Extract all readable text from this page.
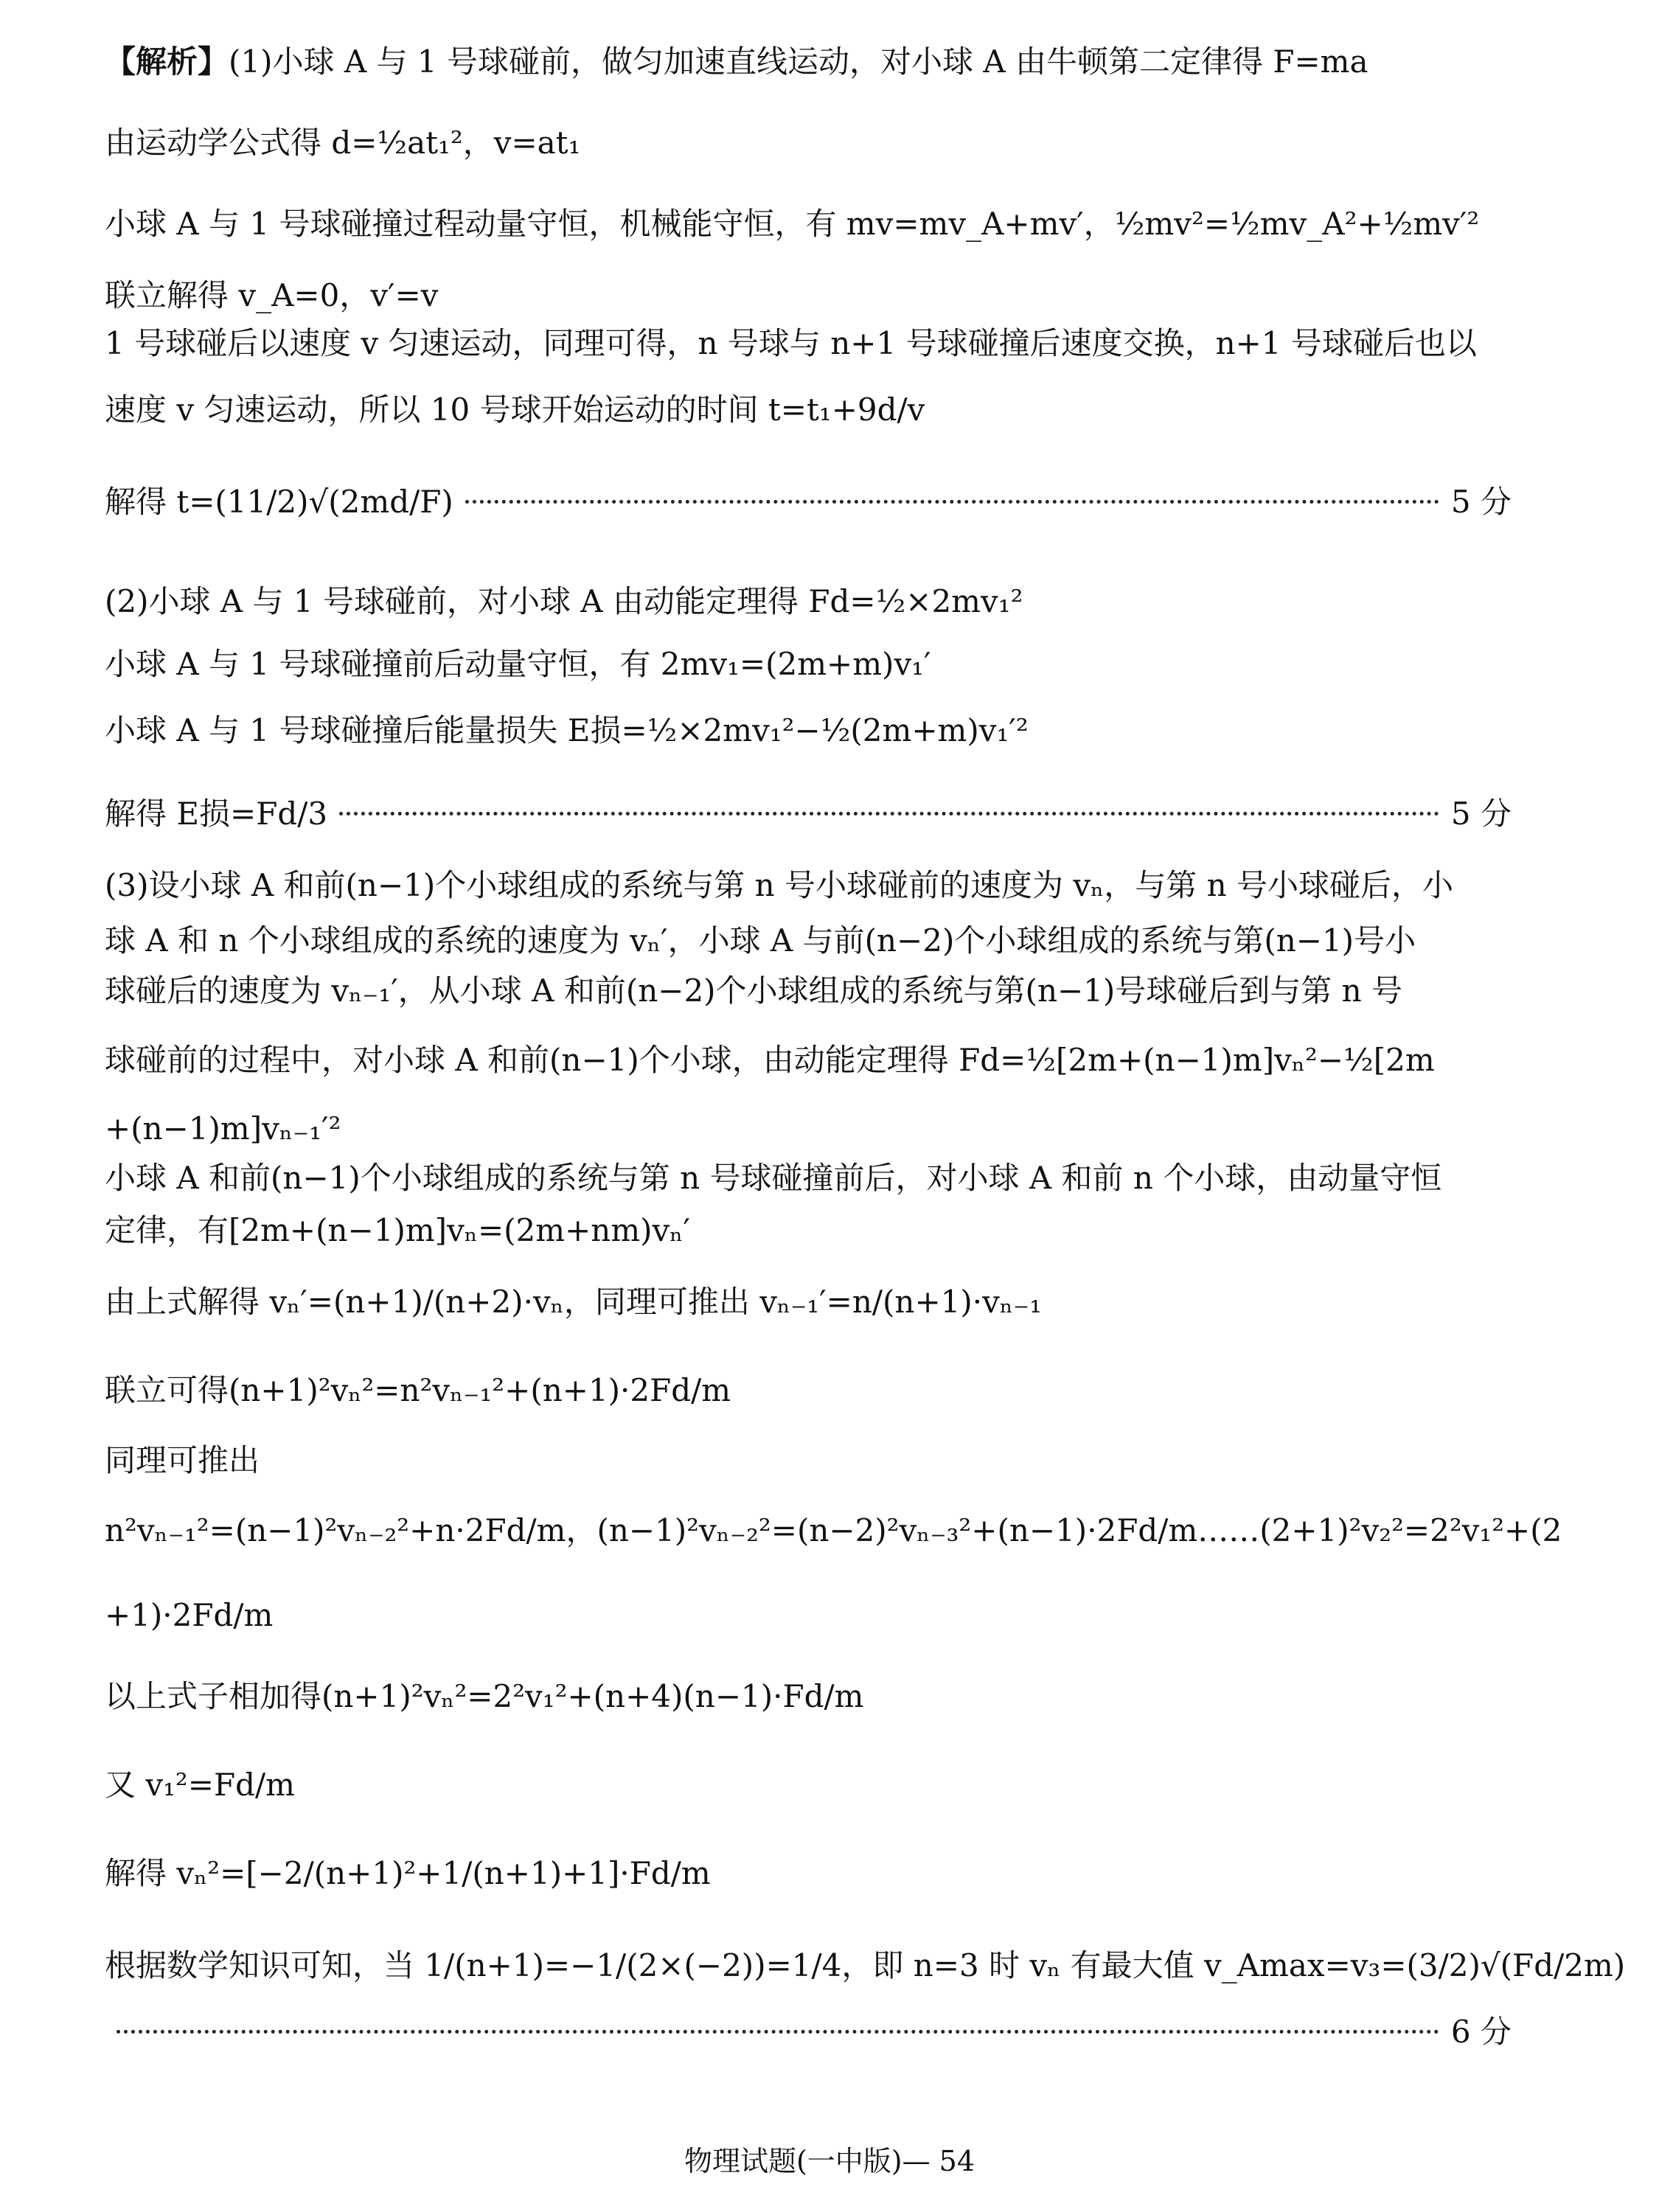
【解析】(1)小球 A 与 1 号球碰前，做匀加速直线运动，对小球 A 由牛顿第二定律得 F=ma
由运动学公式得 d=½at₁²，v=at₁
小球 A 与 1 号球碰撞过程动量守恒，机械能守恒，有 mv=mv_A+mv′，½mv²=½mv_A²+½mv′²
联立解得 v_A=0，v′=v
1 号球碰后以速度 v 匀速运动，同理可得，n 号球与 n+1 号球碰撞后速度交换，n+1 号球碰后也以
速度 v 匀速运动，所以 10 号球开始运动的时间 t=t₁+9d/v
解得 t=(11/2)√(2md/F)	5 分
(2)小球 A 与 1 号球碰前，对小球 A 由动能定理得 Fd=½×2mv₁²
小球 A 与 1 号球碰撞前后动量守恒，有 2mv₁=(2m+m)v₁′
小球 A 与 1 号球碰撞后能量损失 E损=½×2mv₁²−½(2m+m)v₁′²
解得 E损=Fd/3	5 分
(3)设小球 A 和前(n−1)个小球组成的系统与第 n 号小球碰前的速度为 vₙ，与第 n 号小球碰后，小
球 A 和 n 个小球组成的系统的速度为 vₙ′，小球 A 与前(n−2)个小球组成的系统与第(n−1)号小
球碰后的速度为 vₙ₋₁′，从小球 A 和前(n−2)个小球组成的系统与第(n−1)号球碰后到与第 n 号
球碰前的过程中，对小球 A 和前(n−1)个小球，由动能定理得 Fd=½[2m+(n−1)m]vₙ²−½[2m
+(n−1)m]vₙ₋₁′²
小球 A 和前(n−1)个小球组成的系统与第 n 号球碰撞前后，对小球 A 和前 n 个小球，由动量守恒
定律，有[2m+(n−1)m]vₙ=(2m+nm)vₙ′
由上式解得 vₙ′=(n+1)/(n+2)·vₙ，同理可推出 vₙ₋₁′=n/(n+1)·vₙ₋₁
联立可得(n+1)²vₙ²=n²vₙ₋₁²+(n+1)·2Fd/m
同理可推出
n²vₙ₋₁²=(n−1)²vₙ₋₂²+n·2Fd/m，(n−1)²vₙ₋₂²=(n−2)²vₙ₋₃²+(n−1)·2Fd/m……(2+1)²v₂²=2²v₁²+(2
+1)·2Fd/m
以上式子相加得(n+1)²vₙ²=2²v₁²+(n+4)(n−1)·Fd/m
又 v₁²=Fd/m
解得 vₙ²=[−2/(n+1)²+1/(n+1)+1]·Fd/m
根据数学知识可知，当 1/(n+1)=−1/(2×(−2))=1/4，即 n=3 时 vₙ 有最大值 v_Amax=v₃=(3/2)√(Fd/2m)
6 分
物理试题(一中版)— 54
